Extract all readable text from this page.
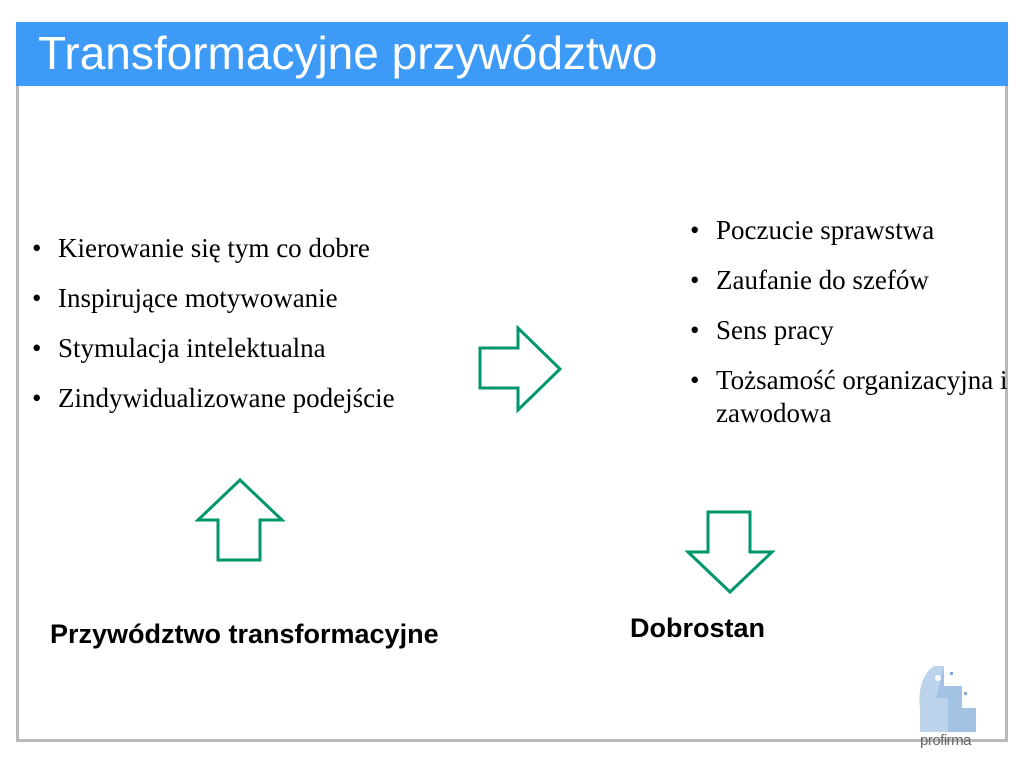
Transformacyjne przywództwo
• Kierowanie się tym co dobre
• Inspirujące motywowanie
• Stymulacja intelektualna
• Zindywidualizowane podejście
• Poczucie sprawstwa
• Zaufanie do szefów
• Sens pracy
• Tożsamość organizacyjna i zawodowa
Przywództwo transformacyjne	Dobrostan
profirma
